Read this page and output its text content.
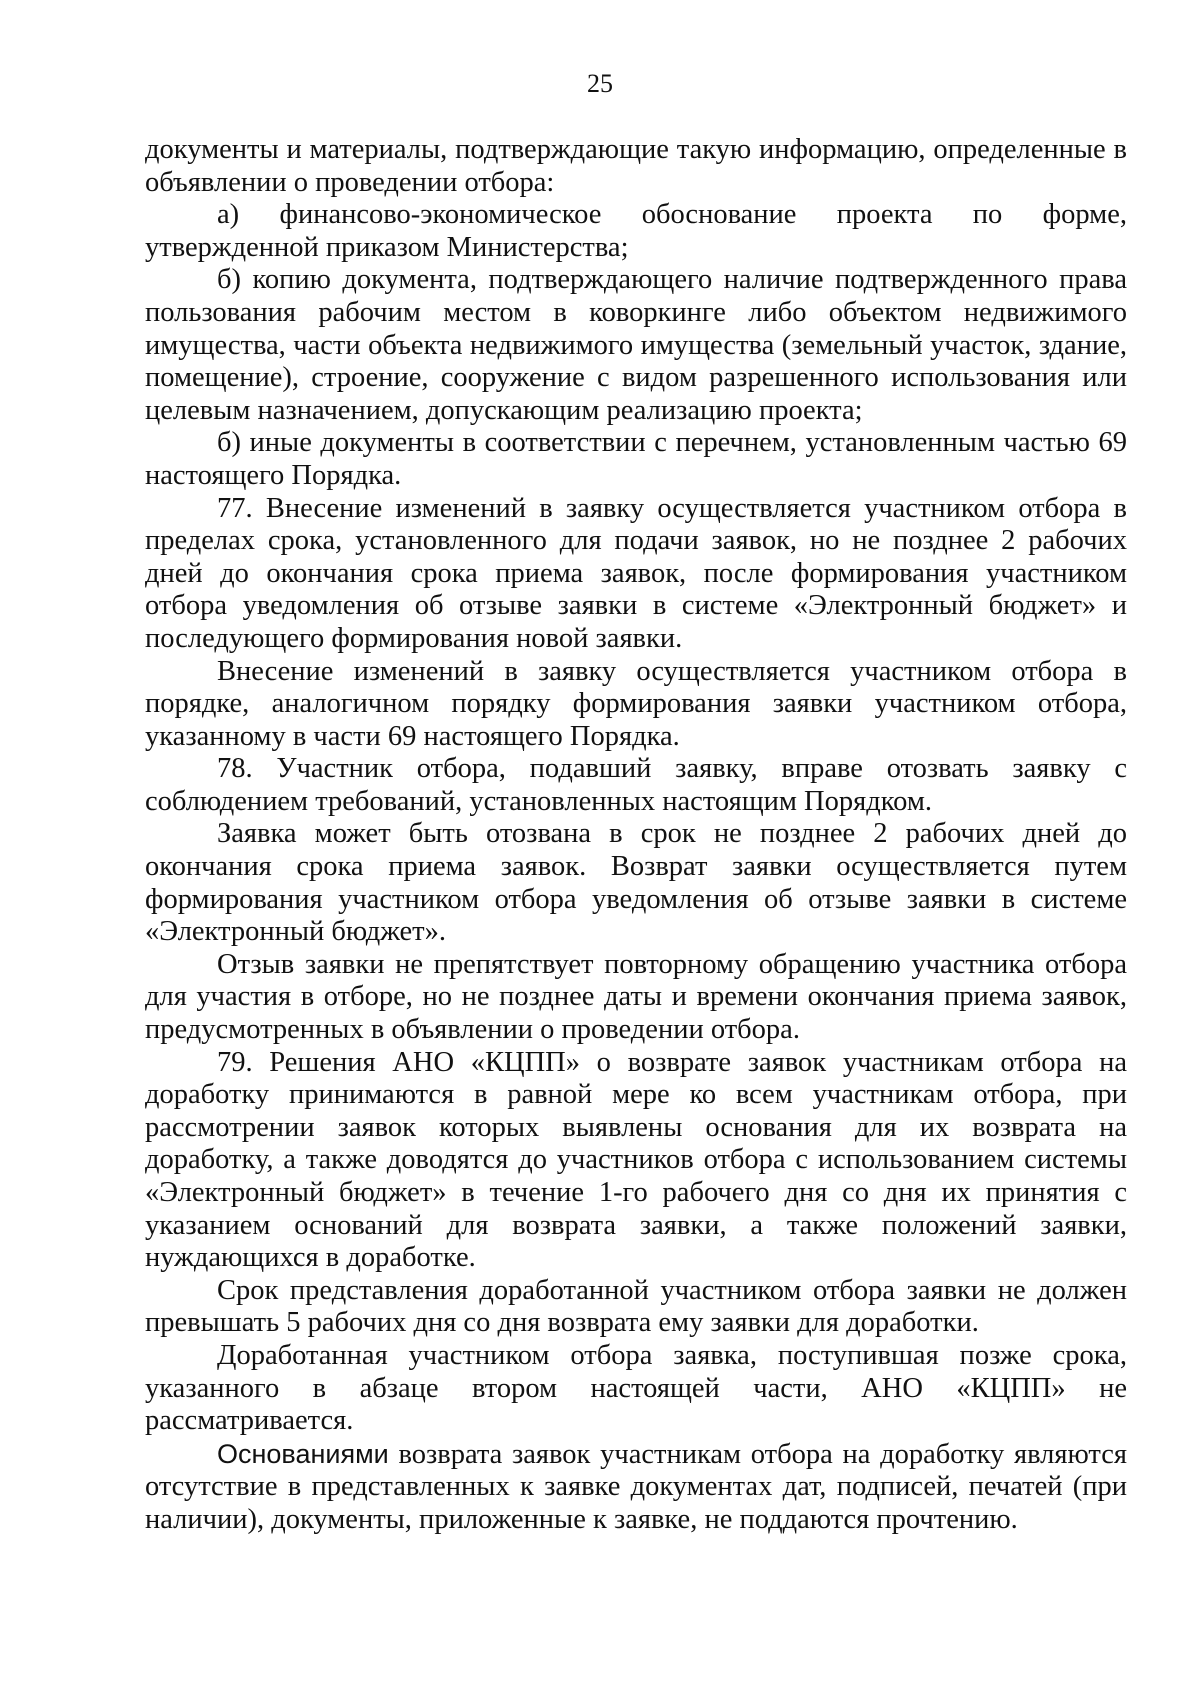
25

документы и материалы, подтверждающие такую информацию, определенные в объявлении о проведении отбора:

а) финансово-экономическое обоснование проекта по форме, утвержденной приказом Министерства;

б) копию документа, подтверждающего наличие подтвержденного права пользования рабочим местом в коворкинге либо объектом недвижимого имущества, части объекта недвижимого имущества (земельный участок, здание, помещение), строение, сооружение с видом разрешенного использования или целевым назначением, допускающим реализацию проекта;

б) иные документы в соответствии с перечнем, установленным частью 69 настоящего Порядка.

77. Внесение изменений в заявку осуществляется участником отбора в пределах срока, установленного для подачи заявок, но не позднее 2 рабочих дней до окончания срока приема заявок, после формирования участником отбора уведомления об отзыве заявки в системе «Электронный бюджет» и последующего формирования новой заявки.

Внесение изменений в заявку осуществляется участником отбора в порядке, аналогичном порядку формирования заявки участником отбора, указанному в части 69 настоящего Порядка.

78. Участник отбора, подавший заявку, вправе отозвать заявку с соблюдением требований, установленных настоящим Порядком.

Заявка может быть отозвана в срок не позднее 2 рабочих дней до окончания срока приема заявок. Возврат заявки осуществляется путем формирования участником отбора уведомления об отзыве заявки в системе «Электронный бюджет».

Отзыв заявки не препятствует повторному обращению участника отбора для участия в отборе, но не позднее даты и времени окончания приема заявок, предусмотренных в объявлении о проведении отбора.

79. Решения АНО «КЦПП» о возврате заявок участникам отбора на доработку принимаются в равной мере ко всем участникам отбора, при рассмотрении заявок которых выявлены основания для их возврата на доработку, а также доводятся до участников отбора с использованием системы «Электронный бюджет» в течение 1-го рабочего дня со дня их принятия с указанием оснований для возврата заявки, а также положений заявки, нуждающихся в доработке.

Срок представления доработанной участником отбора заявки не должен превышать 5 рабочих дня со дня возврата ему заявки для доработки.

Доработанная участником отбора заявка, поступившая позже срока, указанного в абзаце втором настоящей части, АНО «КЦПП» не рассматривается.

Основаниями возврата заявок участникам отбора на доработку являются отсутствие в представленных к заявке документах дат, подписей, печатей (при наличии), документы, приложенные к заявке, не поддаются прочтению.
